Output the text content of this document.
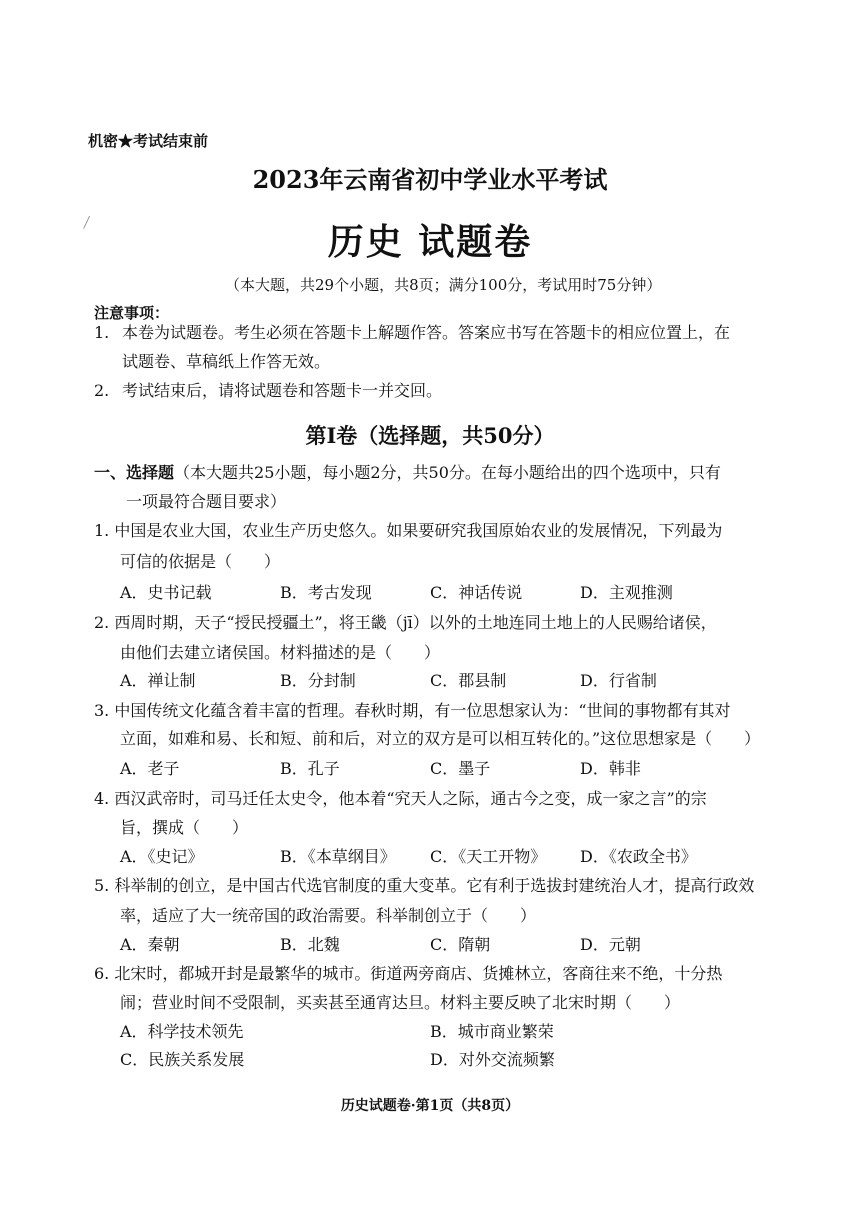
机密★考试结束前
2023年云南省初中学业水平考试
历史 试题卷
（本大题，共29个小题，共8页；满分100分，考试用时75分钟）
注意事项：
1. 本卷为试题卷。考生必须在答题卡上解题作答。答案应书写在答题卡的相应位置上，在
试题卷、草稿纸上作答无效。
2. 考试结束后，请将试题卷和答题卡一并交回。
第Ⅰ卷（选择题，共50分）
一、选择题（本大题共25小题，每小题2分，共50分。在每小题给出的四个选项中，只有
一项最符合题目要求）
1. 中国是农业大国，农业生产历史悠久。如果要研究我国原始农业的发展情况，下列最为
可信的依据是（　　）
A．史书记载	B．考古发现	C．神话传说	D．主观推测
2. 西周时期，天子“授民授疆土”，将王畿（jī）以外的土地连同土地上的人民赐给诸侯，
由他们去建立诸侯国。材料描述的是（　　）
A．禅让制	B．分封制	C．郡县制	D．行省制
3. 中国传统文化蕴含着丰富的哲理。春秋时期，有一位思想家认为：“世间的事物都有其对
立面，如难和易、长和短、前和后，对立的双方是可以相互转化的。”这位思想家是（　　）
A．老子	B．孔子	C．墨子	D．韩非
4. 西汉武帝时，司马迁任太史令，他本着“究天人之际，通古今之变，成一家之言”的宗
旨，撰成（　　）
A．《史记》	B．《本草纲目》 C．《天工开物》 D．《农政全书》
5. 科举制的创立，是中国古代选官制度的重大变革。它有利于选拔封建统治人才，提高行政效
率，适应了大一统帝国的政治需要。科举制创立于（　　）
A．秦朝	B．北魏	C．隋朝	D．元朝
6. 北宋时，都城开封是最繁华的城市。街道两旁商店、货摊林立，客商往来不绝，十分热
闹；营业时间不受限制，买卖甚至通宵达旦。材料主要反映了北宋时期（　　）
A．科学技术领先	B．城市商业繁荣
C．民族关系发展	D．对外交流频繁
历史试题卷·第1页（共8页）
